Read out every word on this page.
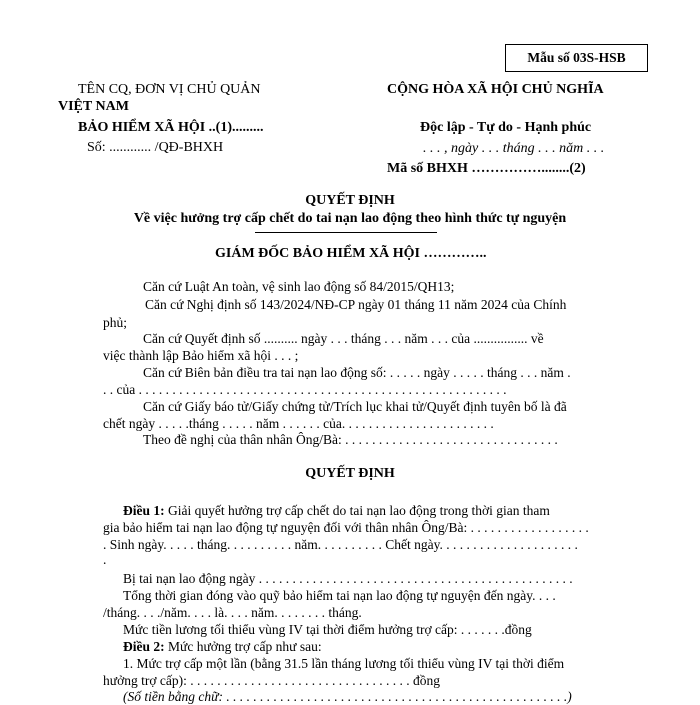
Mẫu số 03S-HSB
TÊN CQ, ĐƠN VỊ CHỦ QUẢN
VIỆT NAM
BẢO HIỂM XÃ HỘI ..(1).........
Số: ............ /QĐ-BHXH
CỘNG HÒA XÃ HỘI CHỦ NGHĨA
Độc lập - Tự do - Hạnh phúc
. . . , ngày . . . tháng . . . năm . . .
Mã số BHXH ……………........(2)
QUYẾT ĐỊNH
Về việc hưởng trợ cấp chết do tai nạn lao động theo hình thức tự nguyện
GIÁM ĐỐC BẢO HIỂM XÃ HỘI …………..
Căn cứ Luật An toàn, vệ sinh lao động số 84/2015/QH13;
Căn cứ Nghị định số 143/2024/NĐ-CP ngày 01 tháng 11 năm 2024 của Chính
phủ;
Căn cứ Quyết định số .......... ngày . . . tháng . . . năm . . . của ................ về
việc thành lập Bảo hiểm xã hội . . . ;
Căn cứ Biên bản điều tra tai nạn lao động số: . . . . . ngày . . . . . tháng . . . năm .
. . của . . . . . . . . . . . . . . . . . . . . . . . . . . . . . . . . . . . . . . . . . . . . . . . . . . . . . . .
Căn cứ Giấy báo tử/Giấy chứng tử/Trích lục khai tử/Quyết định tuyên bố là đã
chết ngày . . . . .tháng . . . . . năm . . . . . . của. . . . . . . . . . . . . . . . . . . . . . .
Theo đề nghị của thân nhân Ông/Bà: . . . . . . . . . . . . . . . . . . . . . . . . . . . . . . . .
QUYẾT ĐỊNH
Điều 1: Giải quyết hưởng trợ cấp chết do tai nạn lao động trong thời gian tham
gia bảo hiểm tai nạn lao động tự nguyện đối với thân nhân Ông/Bà: . . . . . . . . . . . . . . . . . .
. Sinh ngày. . . . . tháng. . . . . . . . . . năm. . . . . . . . . . Chết ngày. . . . . . . . . . . . . . . . . . . . .
.
Bị tai nạn lao động ngày . . . . . . . . . . . . . . . . . . . . . . . . . . . . . . . . . . . . . . . . . . . . . . .
Tổng thời gian đóng vào quỹ bảo hiểm tai nạn lao động tự nguyện đến ngày. . . .
/tháng. . . ./năm. . . . là. . . . năm. . . . . . . . tháng.
Mức tiền lương tối thiểu vùng IV tại thời điểm hưởng trợ cấp: . . . . . . .đồng
Điều 2: Mức hưởng trợ cấp như sau:
1. Mức trợ cấp một lần (bằng 31.5 lần tháng lương tối thiểu vùng IV tại thời điểm
hưởng trợ cấp): . . . . . . . . . . . . . . . . . . . . . . . . . . . . . . . . . đồng
(Số tiền bằng chữ: . . . . . . . . . . . . . . . . . . . . . . . . . . . . . . . . . . . . . . . . . . . . . . . . . . .)
